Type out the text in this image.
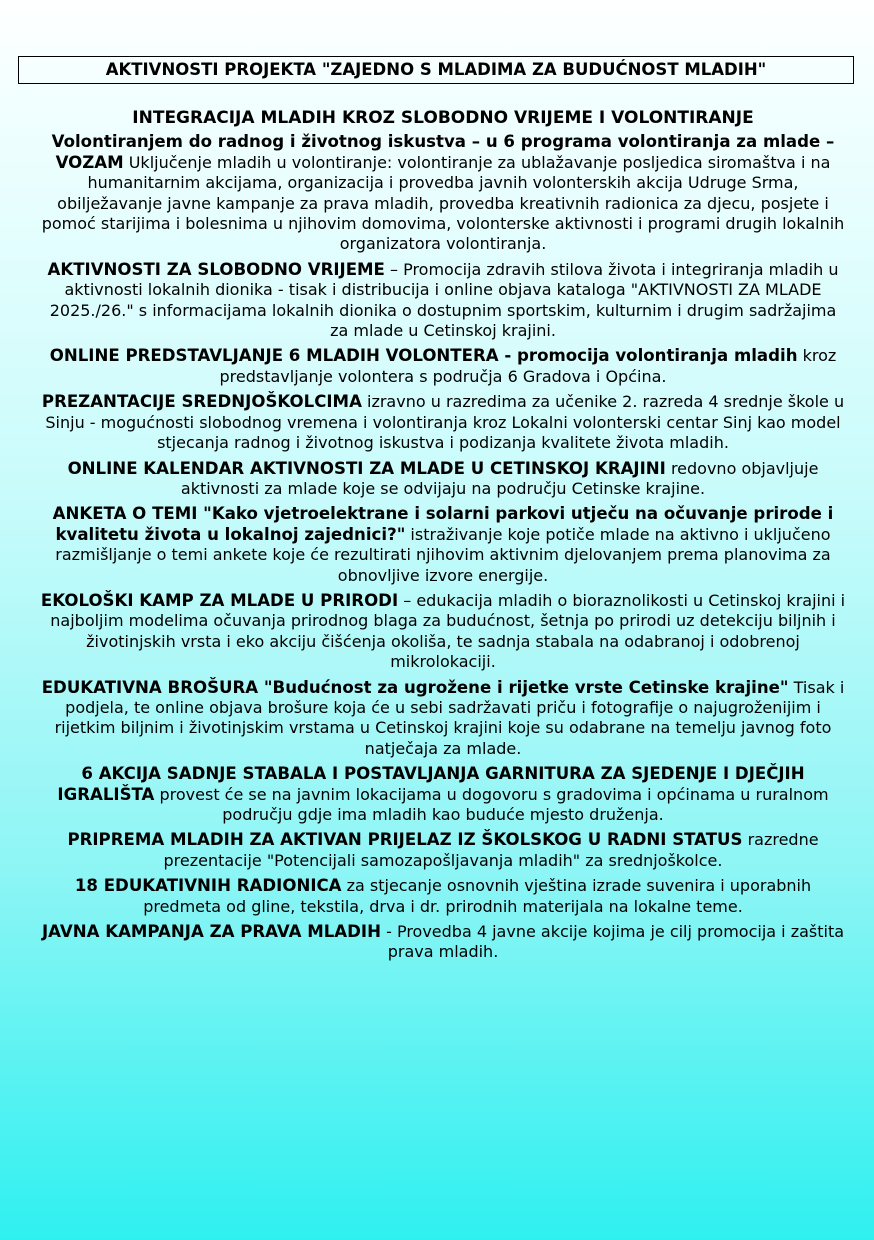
AKTIVNOSTI PROJEKTA "ZAJEDNO S MLADIMA ZA BUDUĆNOST MLADIH"
INTEGRACIJA MLADIH KROZ SLOBODNO VRIJEME I VOLONTIRANJE
Volontiranjem do radnog i životnog iskustva – u 6 programa volontiranja za mlade – VOZAM Uključenje mladih u volontiranje: volontiranje za ublažavanje posljedica siromaštva i na humanitarnim akcijama, organizacija i provedba javnih volonterskih akcija Udruge Srma, obilježavanje javne kampanje za prava mladih, provedba kreativnih radionica za djecu, posjete i pomoć starijima i bolesnima u njihovim domovima, volonterske aktivnosti i programi drugih lokalnih organizatora volontiranja.
AKTIVNOSTI ZA SLOBODNO VRIJEME – Promocija zdravih stilova života i integriranja mladih u aktivnosti lokalnih dionika - tisak i distribucija i online objava kataloga "AKTIVNOSTI ZA MLADE 2025./26." s informacijama lokalnih dionika o dostupnim sportskim, kulturnim i drugim sadržajima za mlade u Cetinskoj krajini.
ONLINE PREDSTAVLJANJE 6 MLADIH VOLONTERA - promocija volontiranja mladih kroz predstavljanje volontera s područja 6 Gradova i Općina.
PREZANTACIJE SREDNJOŠKOLCIMA izravno u razredima za učenike 2. razreda 4 srednje škole u Sinju - mogućnosti slobodnog vremena i volontiranja kroz Lokalni volonterski centar Sinj kao model stjecanja radnog i životnog iskustva i podizanja kvalitete života mladih.
ONLINE KALENDAR AKTIVNOSTI ZA MLADE U CETINSKOJ KRAJINI redovno objavljuje aktivnosti za mlade koje se odvijaju na području Cetinske krajine.
ANKETA O TEMI "Kako vjetroelektrane i solarni parkovi utječu na očuvanje prirode i kvalitetu života u lokalnoj zajednici?" istraživanje koje potiče mlade na aktivno i uključeno razmišljanje o temi ankete koje će rezultirati njihovim aktivnim djelovanjem prema planovima za obnovljive izvore energije.
EKOLOŠKI KAMP ZA MLADE U PRIRODI – edukacija mladih o bioraznolikosti u Cetinskoj krajini i najboljim modelima očuvanja prirodnog blaga za budućnost, šetnja po prirodi uz detekciju biljnih i životinjskih vrsta i eko akciju čišćenja okoliša, te sadnja stabala na odabranoj i odobrenoj mikrolokaciji.
EDUKATIVNA BROŠURA "Budućnost za ugrožene i rijetke vrste Cetinske krajine" Tisak i podjela, te online objava brošure koja će u sebi sadržavati priču i fotografije o najugroženijim i rijetkim biljnim i životinjskim vrstama u Cetinskoj krajini koje su odabrane na temelju javnog foto natječaja za mlade.
6 AKCIJA SADNJE STABALA I POSTAVLJANJA GARNITURA ZA SJEDENJE I DJEČJIH IGRALIŠTA provest će se na javnim lokacijama u dogovoru s gradovima i općinama u ruralnom području gdje ima mladih kao buduće mjesto druženja.
PRIPREMA MLADIH ZA AKTIVAN PRIJELAZ IZ ŠKOLSKOG U RADNI STATUS razredne prezentacije "Potencijali samozapošljavanja mladih" za srednjoškolce.
18 EDUKATIVNIH RADIONICA za stjecanje osnovnih vještina izrade suvenira i uporabnih predmeta od gline, tekstila, drva i dr. prirodnih materijala na lokalne teme.
JAVNA KAMPANJA ZA PRAVA MLADIH - Provedba 4 javne akcije kojima je cilj promocija i zaštita prava mladih.
